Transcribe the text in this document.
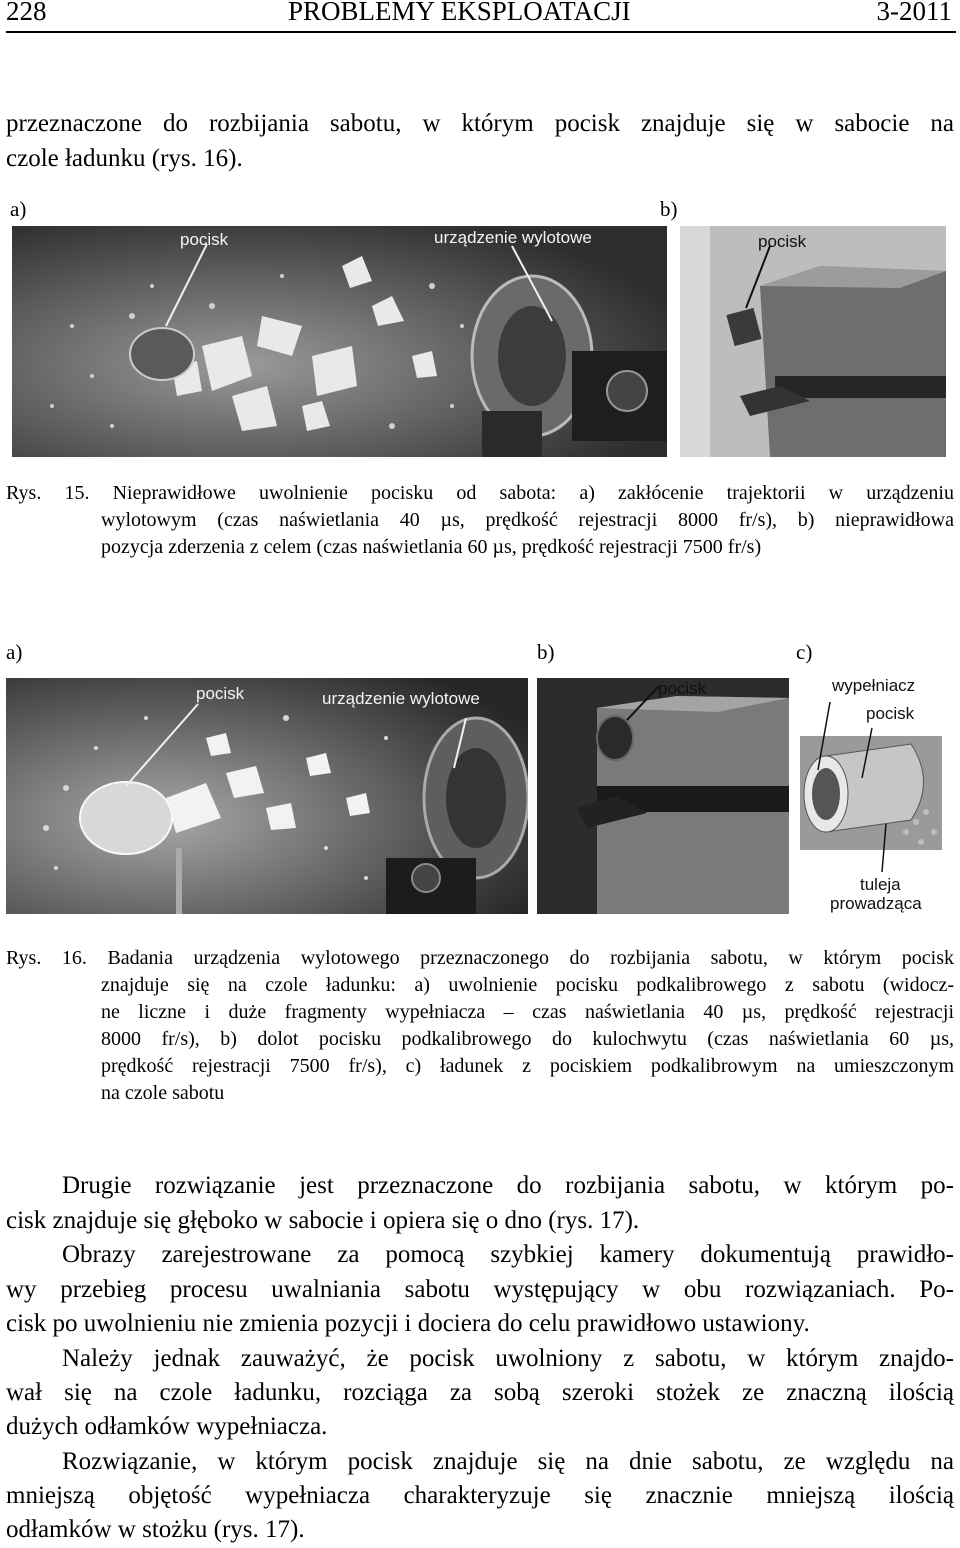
228	PROBLEMY EKSPLOATACJI	3-2011
przeznaczone do rozbijania sabotu, w którym pocisk znajduje się w sabocie na
czole ładunku (rys. 16).
a)	b)
pocisk	urządzenie wylotowe	pocisk
Rys. 15. Nieprawidłowe uwolnienie pocisku od sabota: a) zakłócenie trajektorii w urządzeniu
wylotowym (czas naświetlania 40 µs, prędkość rejestracji 8000 fr/s), b) nieprawidłowa
pozycja zderzenia z celem (czas naświetlania 60 µs, prędkość rejestracji 7500 fr/s)
a)	b)	c)
pocisk	urządzenie wylotowe
pocisk	wypełniacz
pocisk
tuleja
prowadząca
Rys. 16. Badania urządzenia wylotowego przeznaczonego do rozbijania sabotu, w którym pocisk
znajduje się na czole ładunku: a) uwolnienie pocisku podkalibrowego z sabotu (widocz-
ne liczne i duże fragmenty wypełniacza – czas naświetlania 40 µs, prędkość rejestracji
8000 fr/s), b) dolot pocisku podkalibrowego do kulochwytu (czas naświetlania 60 µs,
prędkość rejestracji 7500 fr/s), c) ładunek z pociskiem podkalibrowym na umieszczonym
na czole sabotu
Drugie rozwiązanie jest przeznaczone do rozbijania sabotu, w którym po-
cisk znajduje się głęboko w sabocie i opiera się o dno (rys. 17).
Obrazy zarejestrowane za pomocą szybkiej kamery dokumentują prawidło-
wy przebieg procesu uwalniania sabotu występujący w obu rozwiązaniach. Po-
cisk po uwolnieniu nie zmienia pozycji i dociera do celu prawidłowo ustawiony.
Należy jednak zauważyć, że pocisk uwolniony z sabotu, w którym znajdo-
wał się na czole ładunku, rozciąga za sobą szeroki stożek ze znaczną ilością
dużych odłamków wypełniacza.
Rozwiązanie, w którym pocisk znajduje się na dnie sabotu, ze względu na
mniejszą objętość wypełniacza charakteryzuje się znacznie mniejszą ilością
odłamków w stożku (rys. 17).
